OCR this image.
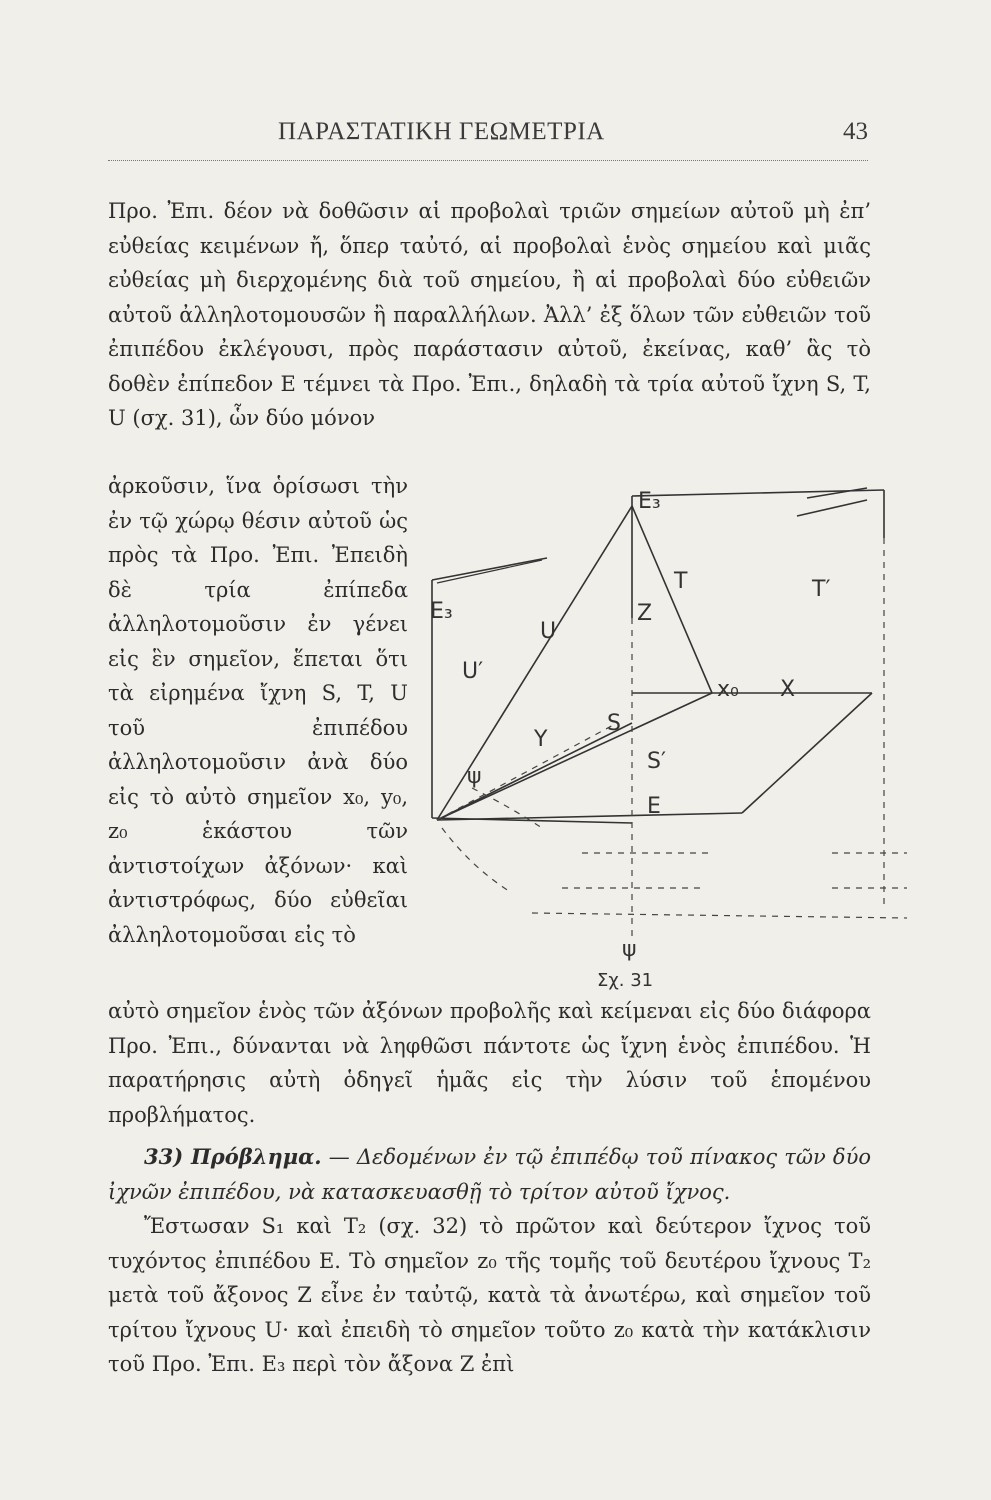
ΠΑΡΑΣΤΑΤΙΚΗ ΓΕΩΜΕΤΡΙΑ	43
Προ. Ἐπι. δέον νὰ δοθῶσιν αἱ προβολαὶ τριῶν σημείων αὐτοῦ μὴ ἐπ’ εὐθείας κειμένων ἤ, ὅπερ ταὐτό, αἱ προβολαὶ ἑνὸς σημείου καὶ μιᾶς εὐθείας μὴ διερχομένης διὰ τοῦ σημείου, ἢ αἱ προβολαὶ δύο εὐθειῶν αὐτοῦ ἀλληλοτομουσῶν ἢ παραλλήλων. Ἀλλ’ ἐξ ὅλων τῶν εὐθειῶν τοῦ ἐπιπέδου ἐκλέγουσι, πρὸς παράστασιν αὐτοῦ, ἐκείνας, καθ’ ἃς τὸ δοθὲν ἐπίπεδον Ε τέμνει τὰ Προ. Ἐπι., δηλαδὴ τὰ τρία αὐτοῦ ἴχνη S, T, U (σχ. 31), ὧν δύο μόνον
ἀρκοῦσιν, ἵνα ὁρίσωσι τὴν ἐν τῷ χώρῳ θέσιν αὐτοῦ ὡς πρὸς τὰ Προ. Ἐπι. Ἐπειδὴ δὲ τρία ἐπίπεδα ἀλληλοτομοῦσιν ἐν γένει εἰς ἓν σημεῖον, ἕπεται ὅτι τὰ εἰρημένα ἴχνη S, T, U τοῦ ἐπιπέδου ἀλληλοτομοῦσιν ἀνὰ δύο εἰς τὸ αὐτὸ σημεῖον x₀, y₀, z₀ ἑκάστου τῶν ἀντιστοίχων ἀξόνων· καὶ ἀντιστρόφως, δύο εὐθεῖαι ἀλληλοτομοῦσαι εἰς τὸ
E₃
E₃
T	T′
Z
U
U′
x₀ X
S
S′
Y
ψ
E
ψ
Σχ. 31
αὐτὸ σημεῖον ἑνὸς τῶν ἀξόνων προβολῆς καὶ κείμεναι εἰς δύο διάφορα Προ. Ἐπι., δύνανται νὰ ληφθῶσι πάντοτε ὡς ἴχνη ἑνὸς ἐπιπέδου. Ἡ παρατήρησις αὐτὴ ὁδηγεῖ ἡμᾶς εἰς τὴν λύσιν τοῦ ἑπομένου προβλήματος.
33) Πρόβλημα. — Δεδομένων ἐν τῷ ἐπιπέδῳ τοῦ πίνακος τῶν δύο ἰχνῶν ἐπιπέδου, νὰ κατασκευασθῇ τὸ τρίτον αὐτοῦ ἴχνος.
Ἔστωσαν S₁ καὶ T₂ (σχ. 32) τὸ πρῶτον καὶ δεύτερον ἴχνος τοῦ τυχόντος ἐπιπέδου Ε. Τὸ σημεῖον z₀ τῆς τομῆς τοῦ δευτέρου ἴχνους T₂ μετὰ τοῦ ἄξονος Z εἶνε ἐν ταὐτῷ, κατὰ τὰ ἀνωτέρω, καὶ σημεῖον τοῦ τρίτου ἴχνους U· καὶ ἐπειδὴ τὸ σημεῖον τοῦτο z₀ κατὰ τὴν κατάκλισιν τοῦ Προ. Ἐπι. Ε₃ περὶ τὸν ἄξονα Z ἐπὶ
